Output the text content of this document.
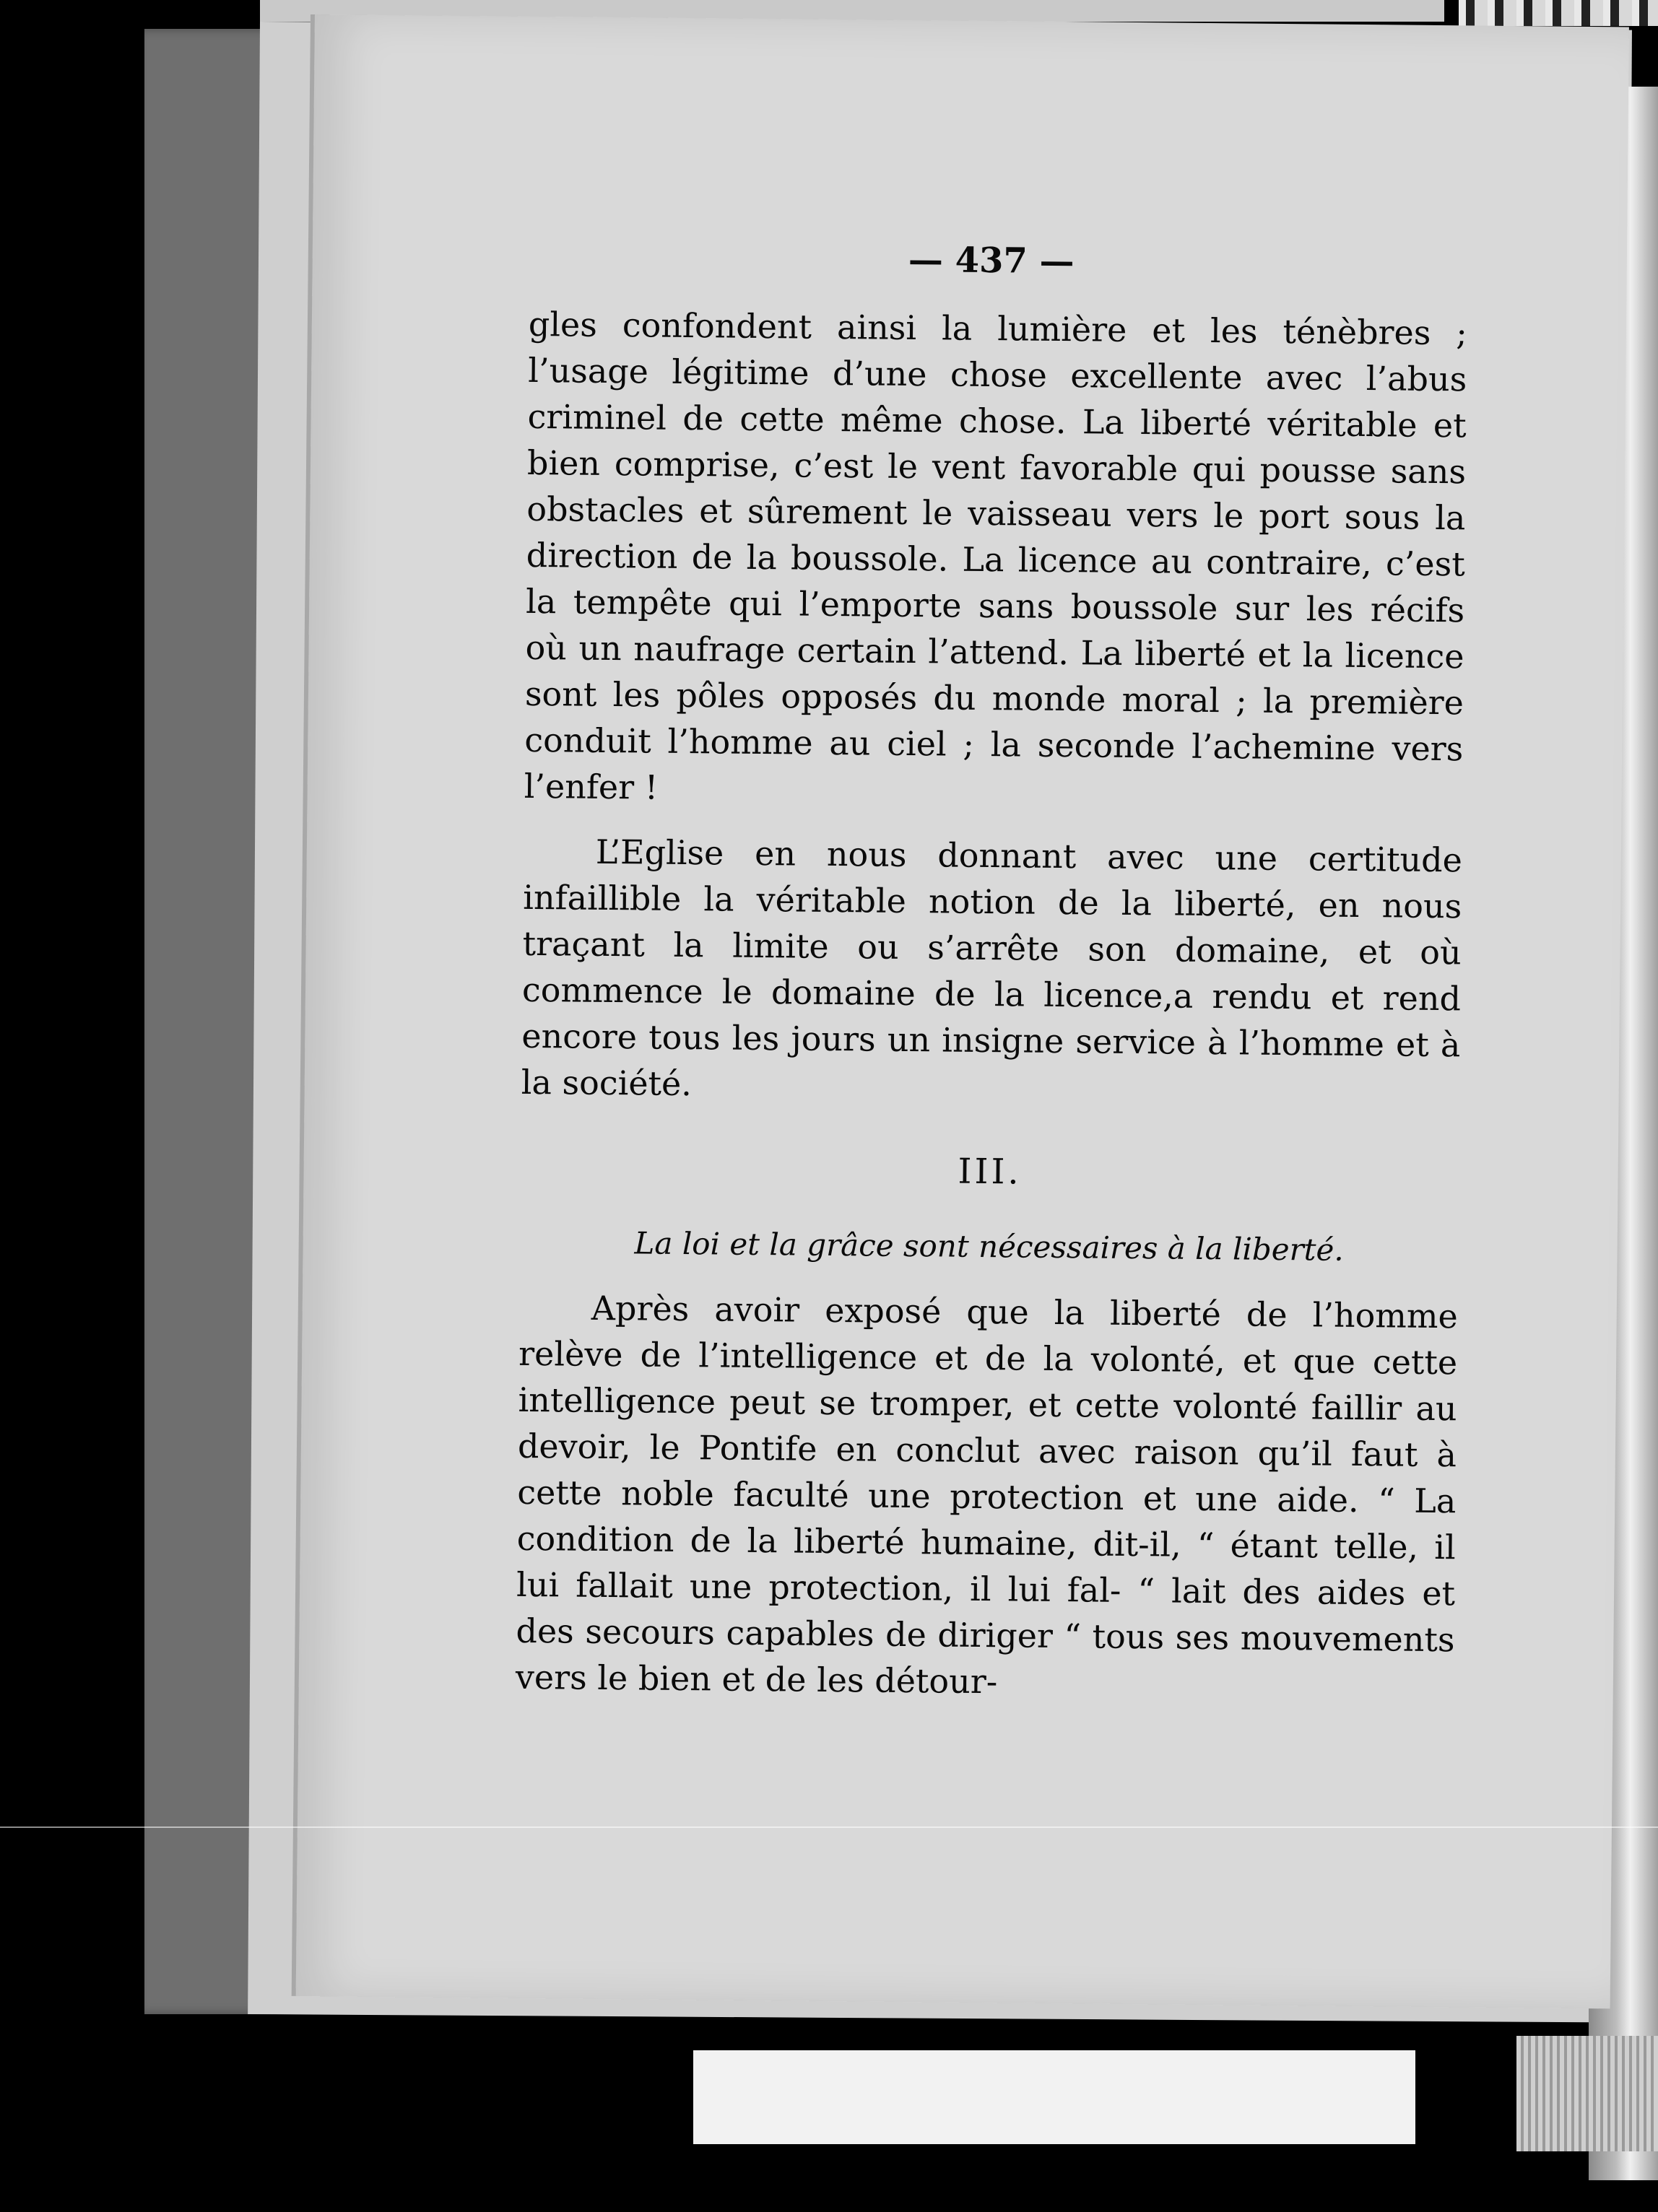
— 437 —

gles confondent ainsi la lumière et les ténèbres ; l’usage légitime d’une chose excellente avec l’abus criminel de cette même chose. La liberté véritable et bien comprise, c’est le vent favorable qui pousse sans obstacles et sûrement le vaisseau vers le port sous la direction de la boussole. La licence au contraire, c’est la tempête qui l’emporte sans boussole sur les récifs où un naufrage certain l’attend. La liberté et la licence sont les pôles opposés du monde moral ; la première conduit l’homme au ciel ; la seconde l’achemine vers l’enfer !

L’Eglise en nous donnant avec une certitude infaillible la véritable notion de la liberté, en nous traçant la limite ou s’arrête son domaine, et où commence le domaine de la licence,a rendu et rend encore tous les jours un insigne service à l’homme et à la société.

III.
La loi et la grâce sont nécessaires à la liberté.

Après avoir exposé que la liberté de l’homme relève de l’intelligence et de la volonté, et que cette intelligence peut se tromper, et cette volonté faillir au devoir, le Pontife en conclut avec raison qu’il faut à cette noble faculté une protection et une aide. “ La condition de la liberté humaine, dit-il, “ étant telle, il lui fallait une protection, il lui fal- “ lait des aides et des secours capables de diriger “ tous ses mouvements vers le bien et de les détour-
